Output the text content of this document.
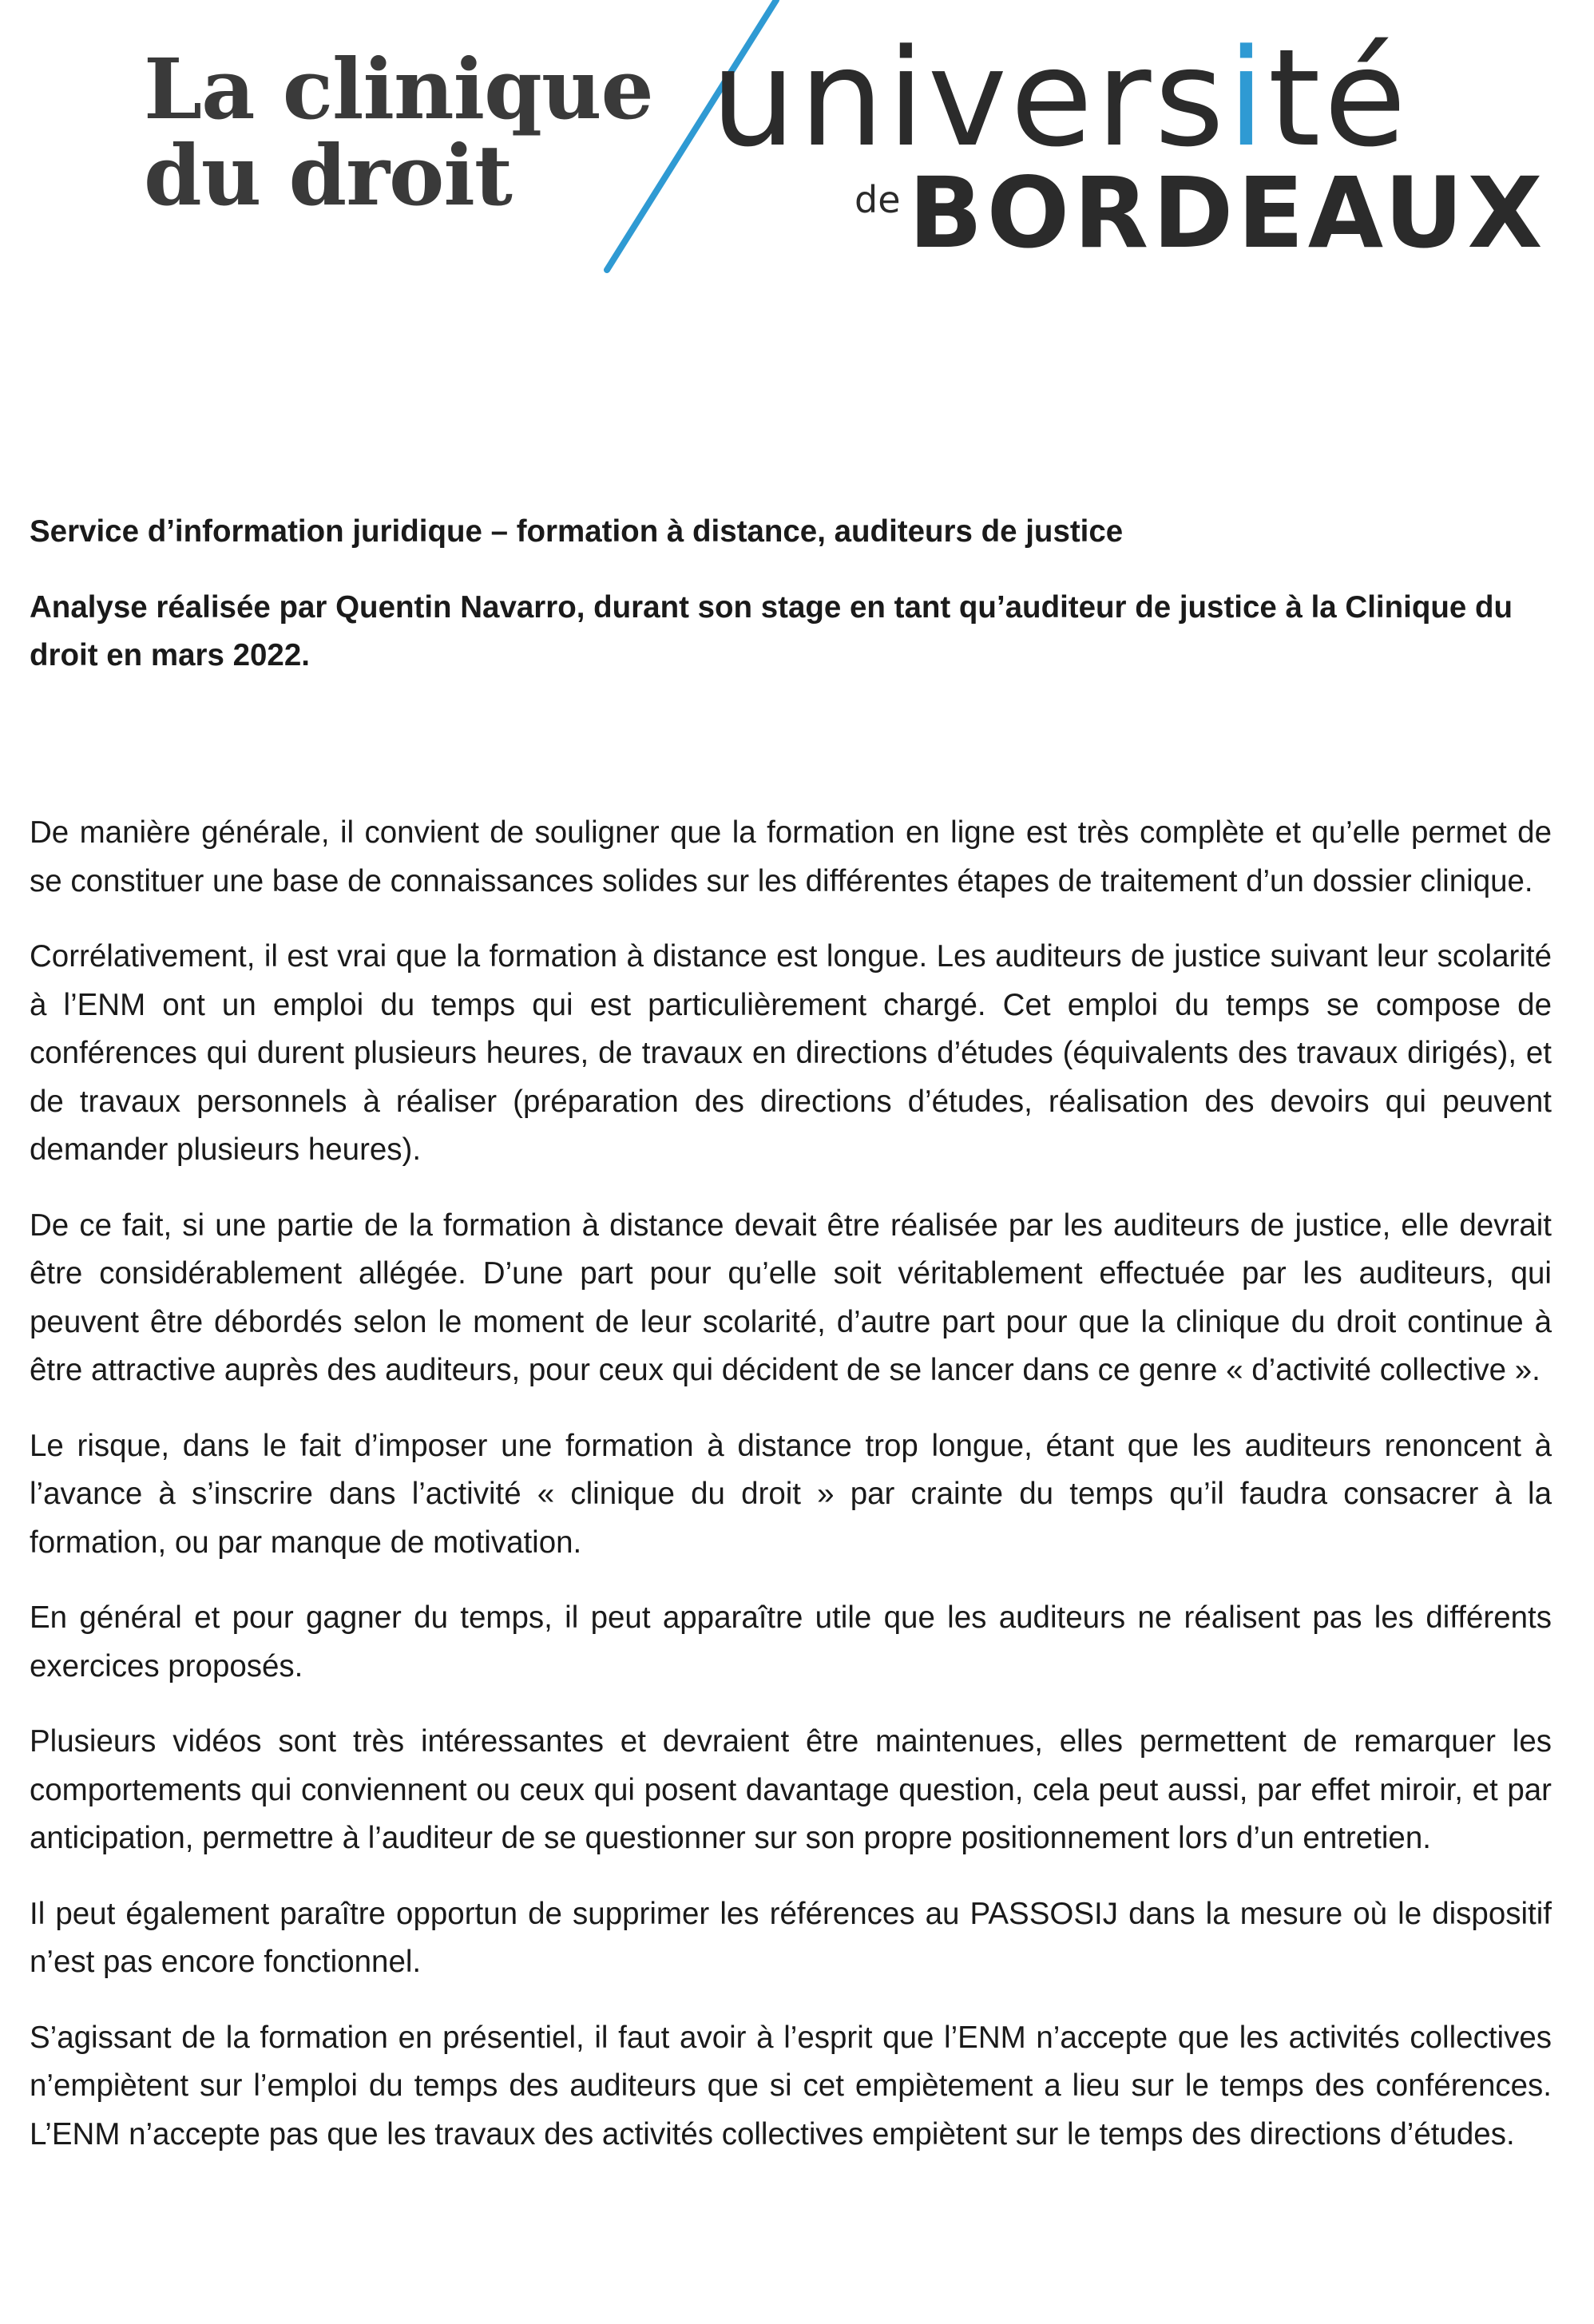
La clinique
du droit	université
deBORDEAUX

Service d’information juridique – formation à distance, auditeurs de justice

Analyse réalisée par Quentin Navarro, durant son stage en tant qu’auditeur de justice à la Clinique du droit en mars 2022.

De manière générale, il convient de souligner que la formation en ligne est très complète et qu’elle permet de se constituer une base de connaissances solides sur les différentes étapes de traitement d’un dossier clinique.

Corrélativement, il est vrai que la formation à distance est longue. Les auditeurs de justice suivant leur scolarité à l’ENM ont un emploi du temps qui est particulièrement chargé. Cet emploi du temps se compose de conférences qui durent plusieurs heures, de travaux en directions d’études (équivalents des travaux dirigés), et de travaux personnels à réaliser (préparation des directions d’études, réalisation des devoirs qui peuvent demander plusieurs heures).

De ce fait, si une partie de la formation à distance devait être réalisée par les auditeurs de justice, elle devrait être considérablement allégée. D’une part pour qu’elle soit véritablement effectuée par les auditeurs, qui peuvent être débordés selon le moment de leur scolarité, d’autre part pour que la clinique du droit continue à être attractive auprès des auditeurs, pour ceux qui décident de se lancer dans ce genre « d’activité collective ».

Le risque, dans le fait d’imposer une formation à distance trop longue, étant que les auditeurs renoncent à l’avance à s’inscrire dans l’activité « clinique du droit » par crainte du temps qu’il faudra consacrer à la formation, ou par manque de motivation.

En général et pour gagner du temps, il peut apparaître utile que les auditeurs ne réalisent pas les différents exercices proposés.

Plusieurs vidéos sont très intéressantes et devraient être maintenues, elles permettent de remarquer les comportements qui conviennent ou ceux qui posent davantage question, cela peut aussi, par effet miroir, et par anticipation, permettre à l’auditeur de se questionner sur son propre positionnement lors d’un entretien.

Il peut également paraître opportun de supprimer les références au PASSOSIJ dans la mesure où le dispositif n’est pas encore fonctionnel.

S’agissant de la formation en présentiel, il faut avoir à l’esprit que l’ENM n’accepte que les activités collectives n’empiètent sur l’emploi du temps des auditeurs que si cet empiètement a lieu sur le temps des conférences. L’ENM n’accepte pas que les travaux des activités collectives empiètent sur le temps des directions d’études.
